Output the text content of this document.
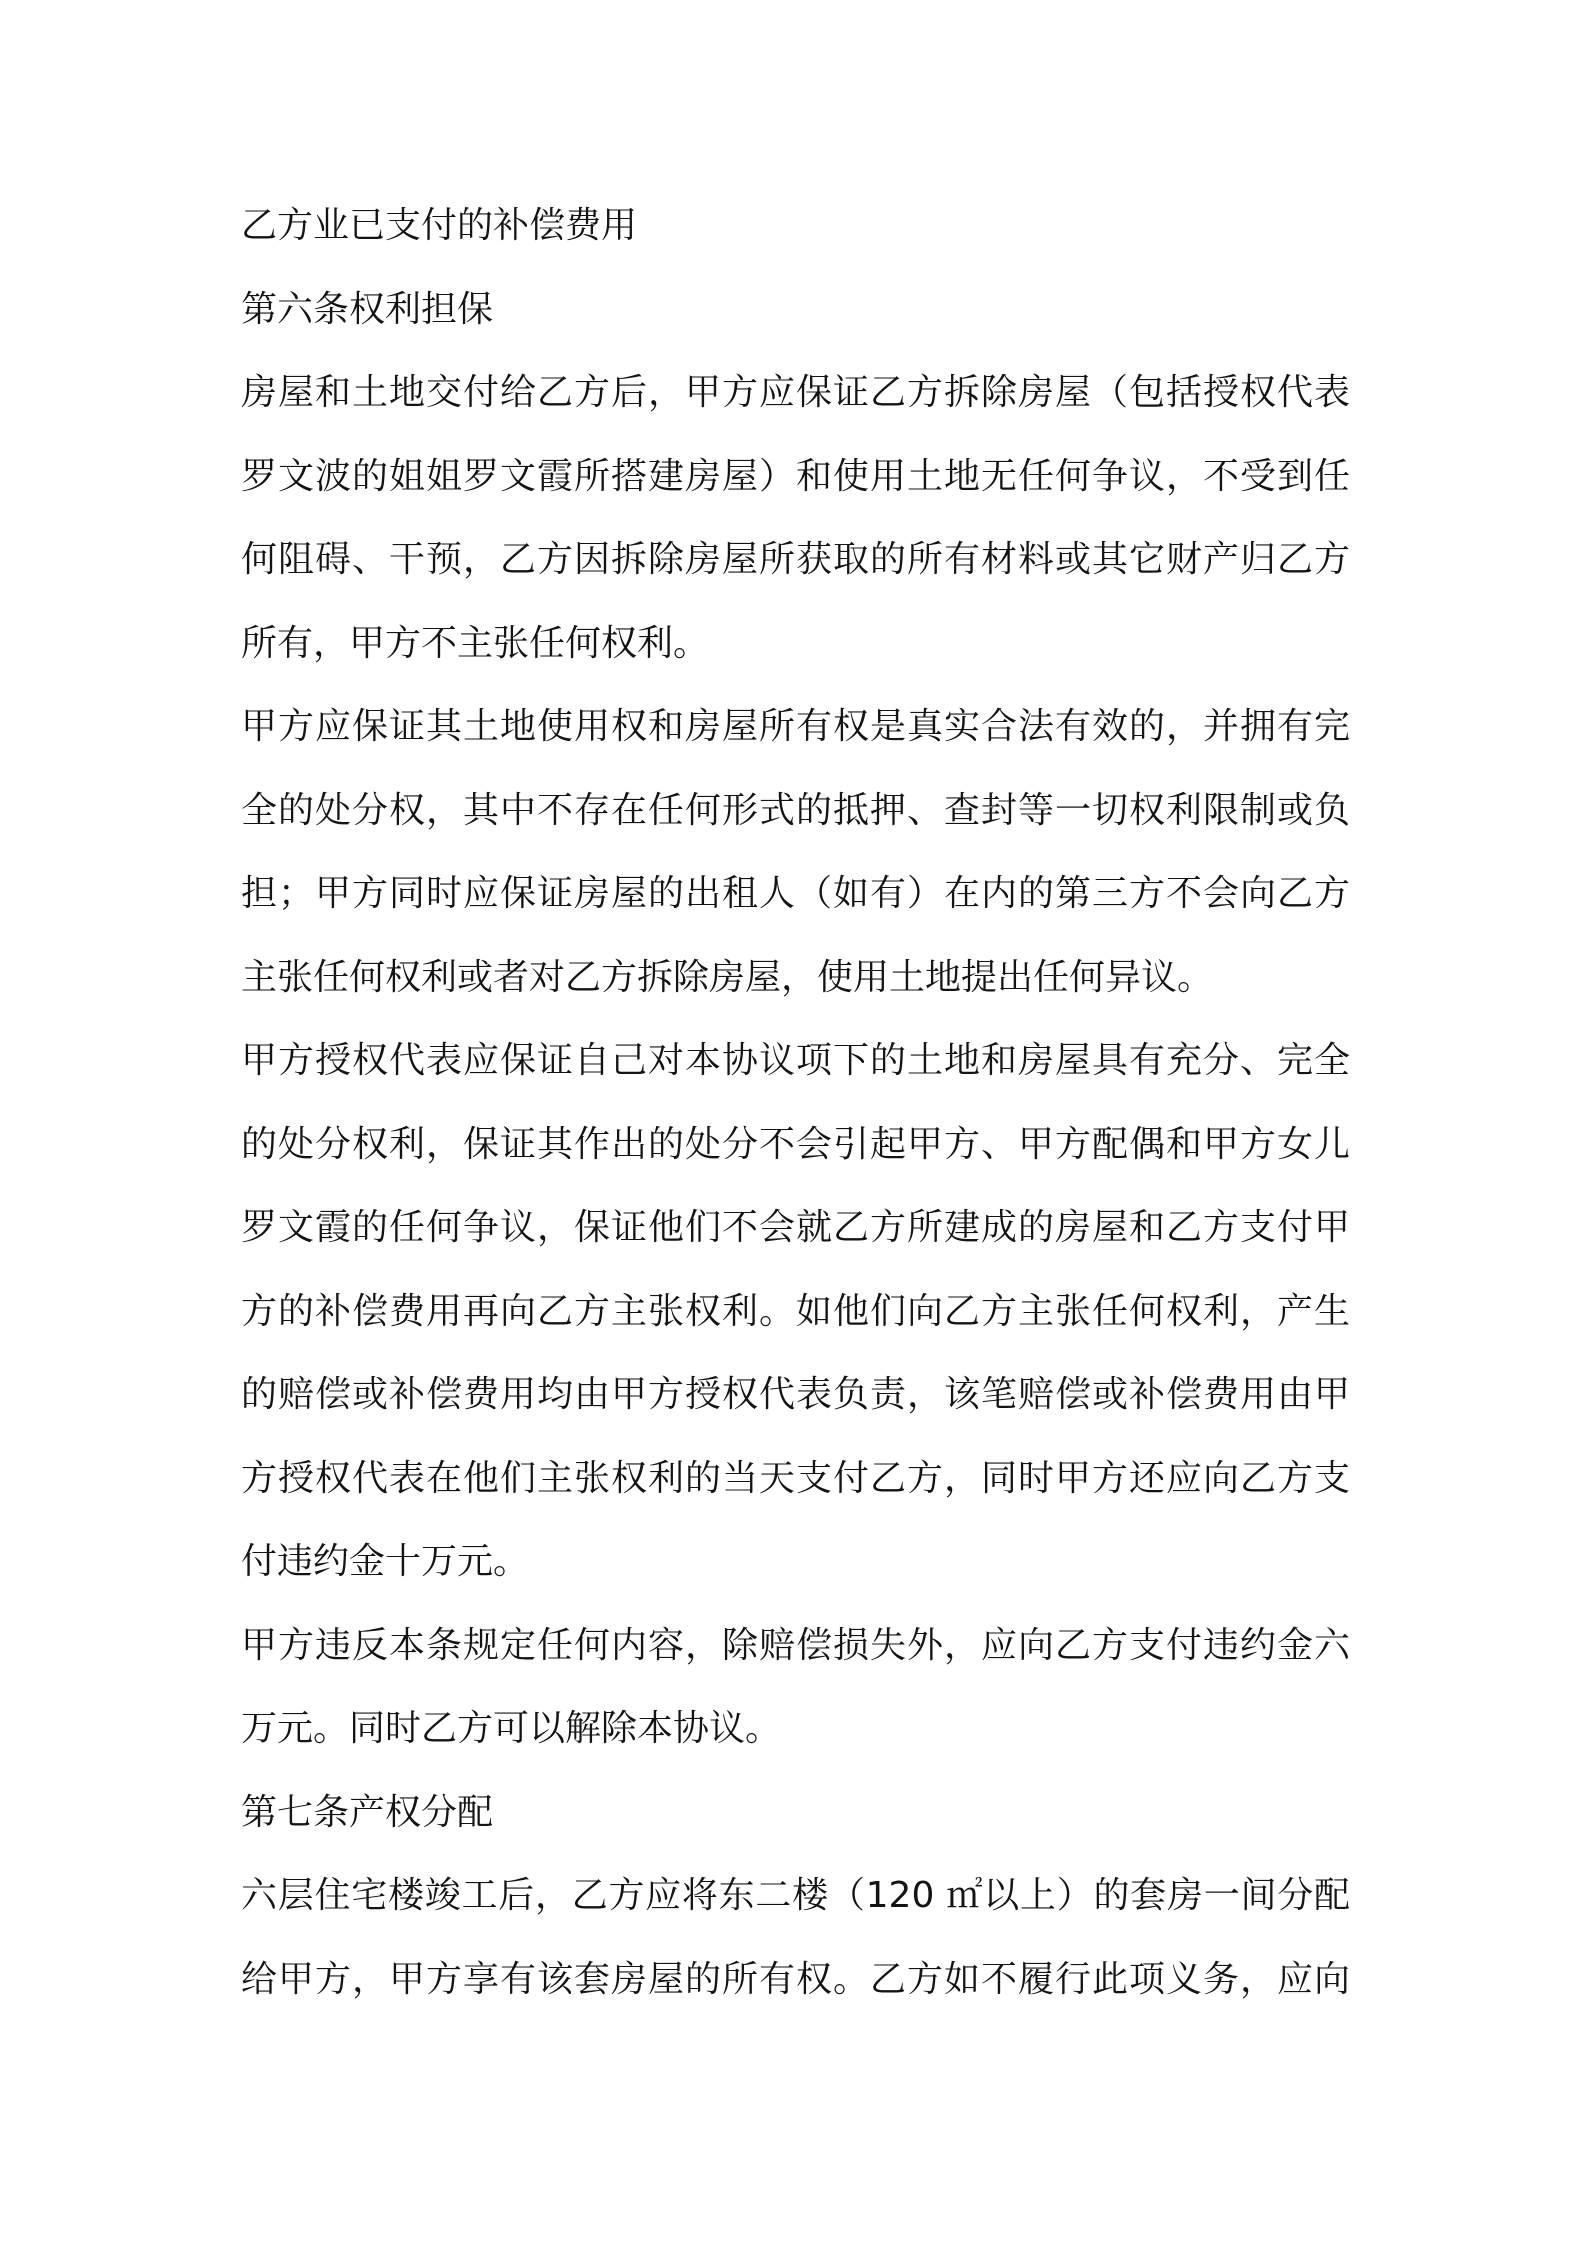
乙方业已支付的补偿费用
第六条权利担保
房屋和土地交付给乙方后，甲方应保证乙方拆除房屋（包括授权代表
罗文波的姐姐罗文霞所搭建房屋）和使用土地无任何争议，不受到任
何阻碍、干预，乙方因拆除房屋所获取的所有材料或其它财产归乙方
所有，甲方不主张任何权利。
甲方应保证其土地使用权和房屋所有权是真实合法有效的，并拥有完
全的处分权，其中不存在任何形式的抵押、查封等一切权利限制或负
担；甲方同时应保证房屋的出租人（如有）在内的第三方不会向乙方
主张任何权利或者对乙方拆除房屋，使用土地提出任何异议。
甲方授权代表应保证自己对本协议项下的土地和房屋具有充分、完全
的处分权利，保证其作出的处分不会引起甲方、甲方配偶和甲方女儿
罗文霞的任何争议，保证他们不会就乙方所建成的房屋和乙方支付甲
方的补偿费用再向乙方主张权利。如他们向乙方主张任何权利，产生
的赔偿或补偿费用均由甲方授权代表负责，该笔赔偿或补偿费用由甲
方授权代表在他们主张权利的当天支付乙方，同时甲方还应向乙方支
付违约金十万元。
甲方违反本条规定任何内容，除赔偿损失外，应向乙方支付违约金六
万元。同时乙方可以解除本协议。
第七条产权分配
六层住宅楼竣工后，乙方应将东二楼（120 ㎡以上）的套房一间分配
给甲方，甲方享有该套房屋的所有权。乙方如不履行此项义务，应向
